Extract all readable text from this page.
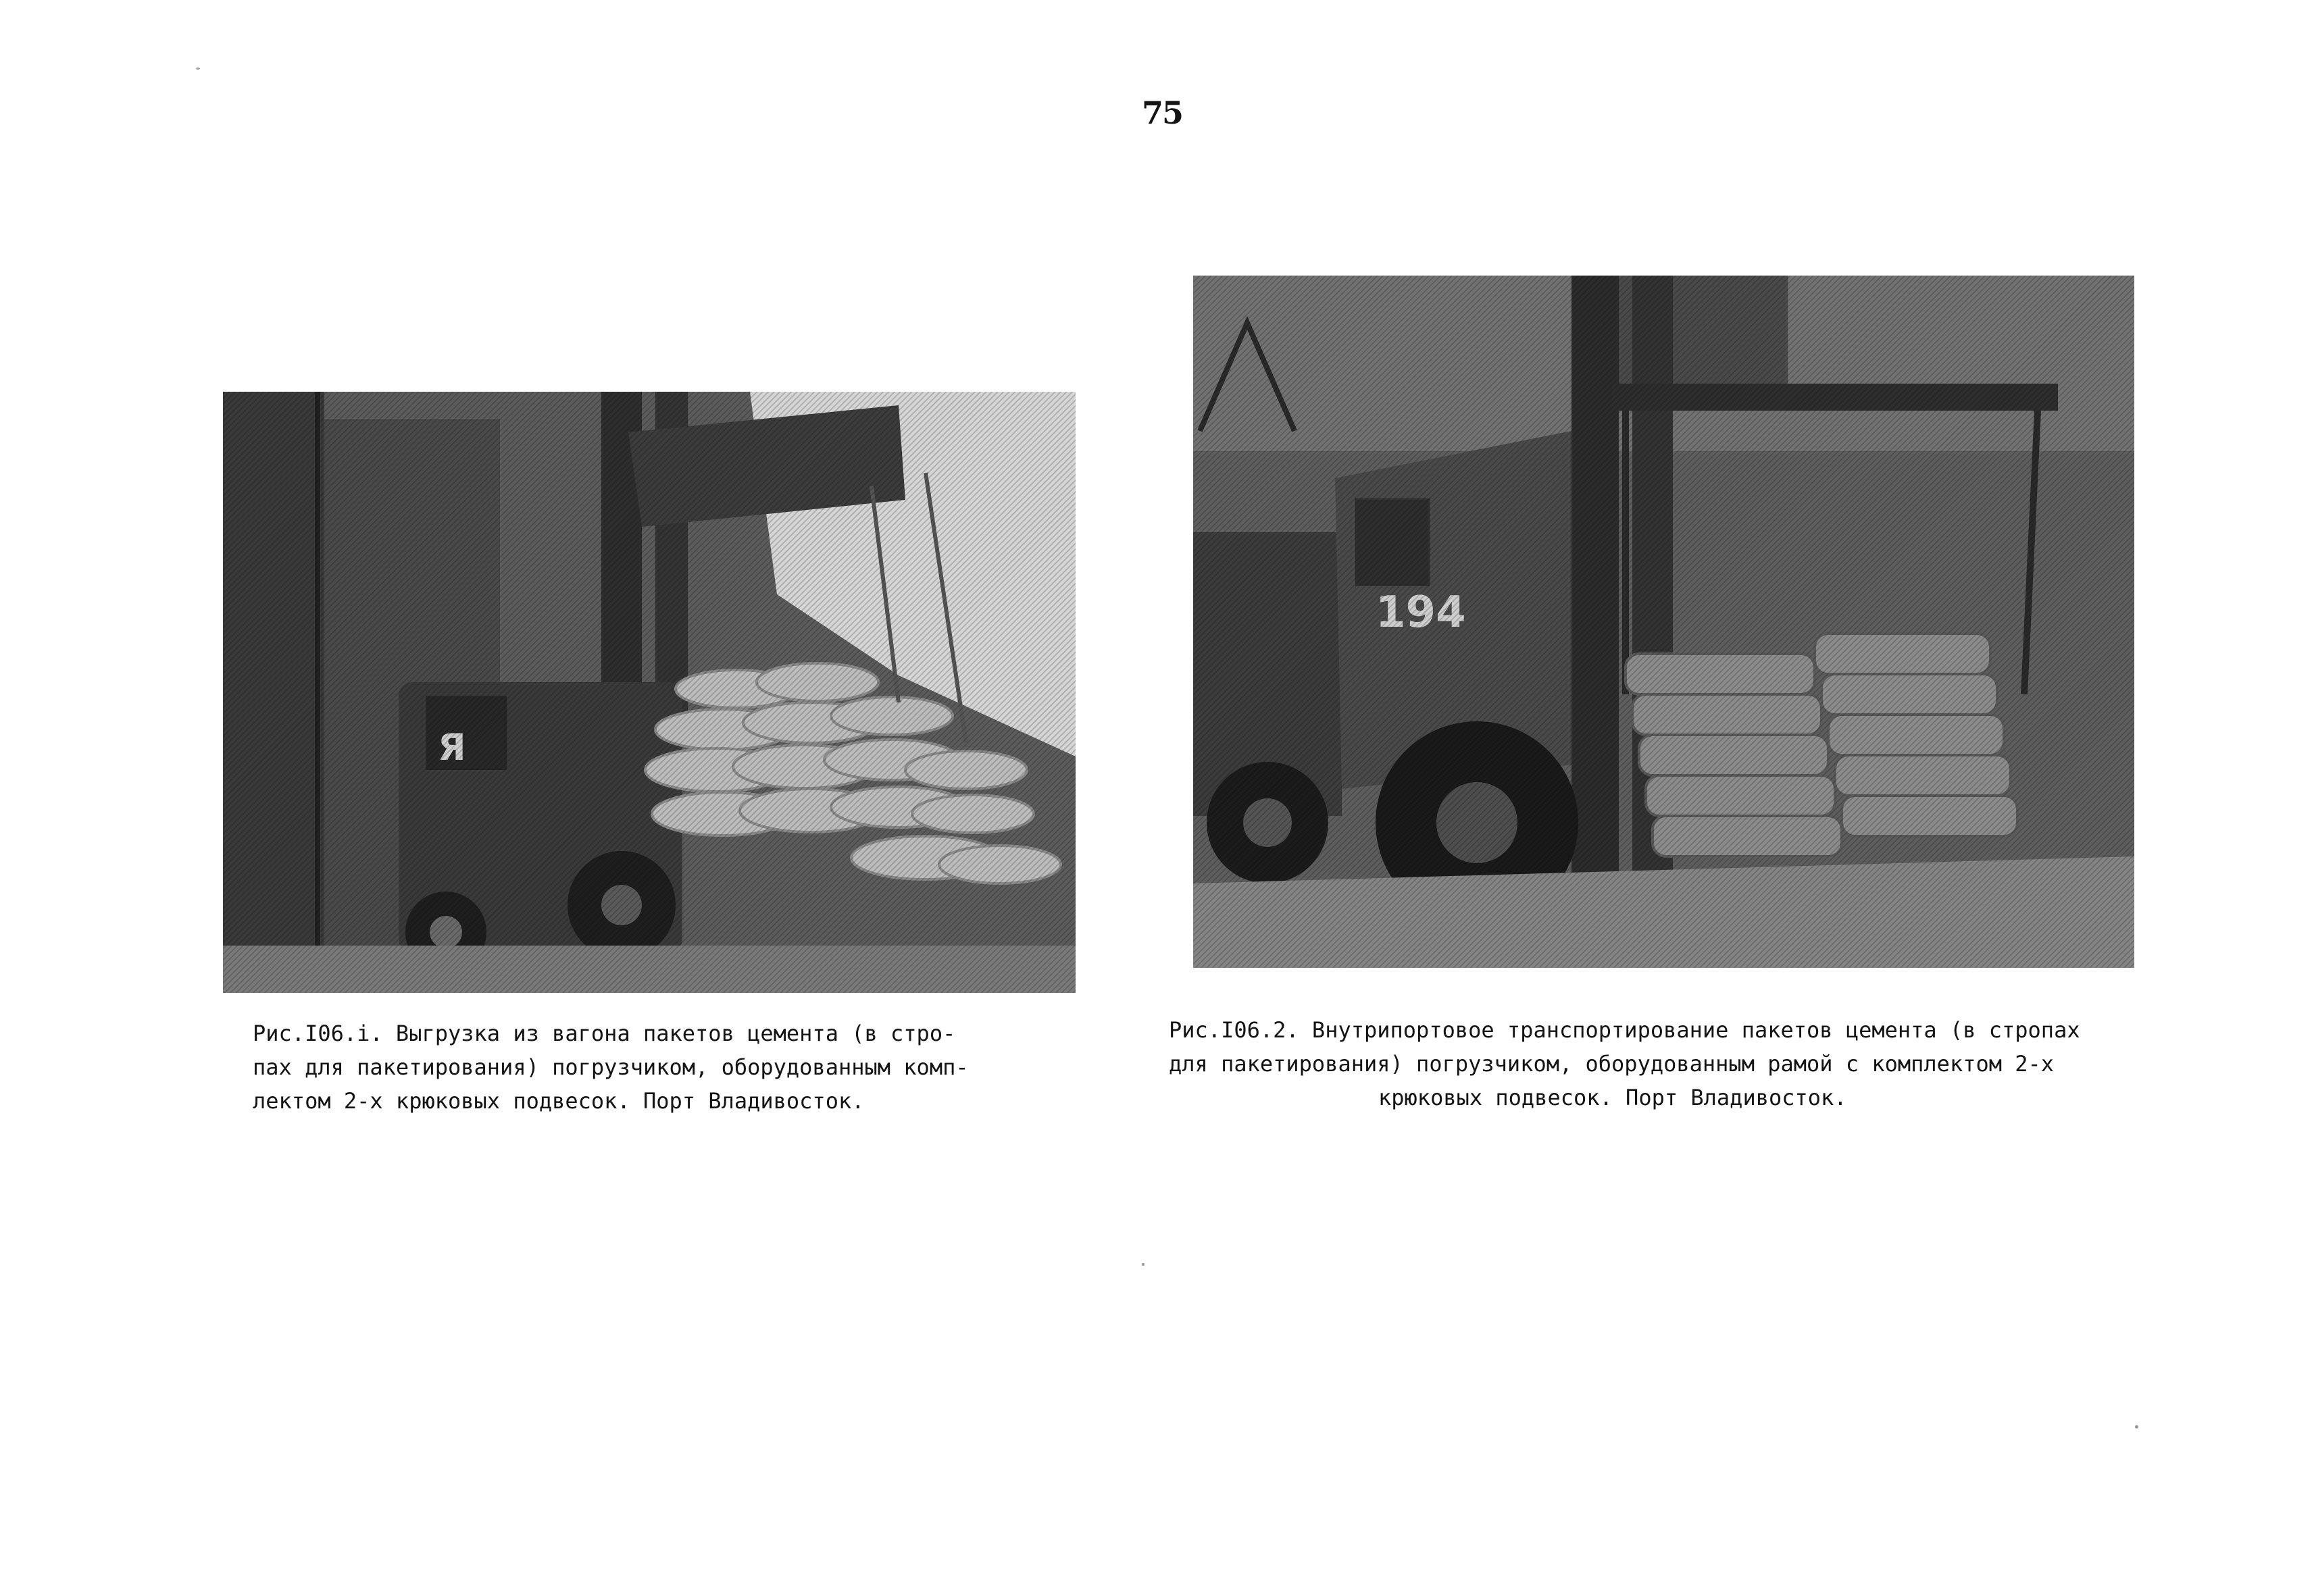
75
Рис.I06.i. Выгрузка из вагона пакетов цемента (в стро-
пах для пакетирования) погрузчиком, оборудованным комп-
лектом 2-х крюковых подвесок. Порт Владивосток.
Рис.I06.2. Внутрипортовое транспортирование пакетов цемента (в стропах
для пакетирования) погрузчиком, оборудованным рамой с комплектом 2-х
крюковых подвесок. Порт Владивосток.
